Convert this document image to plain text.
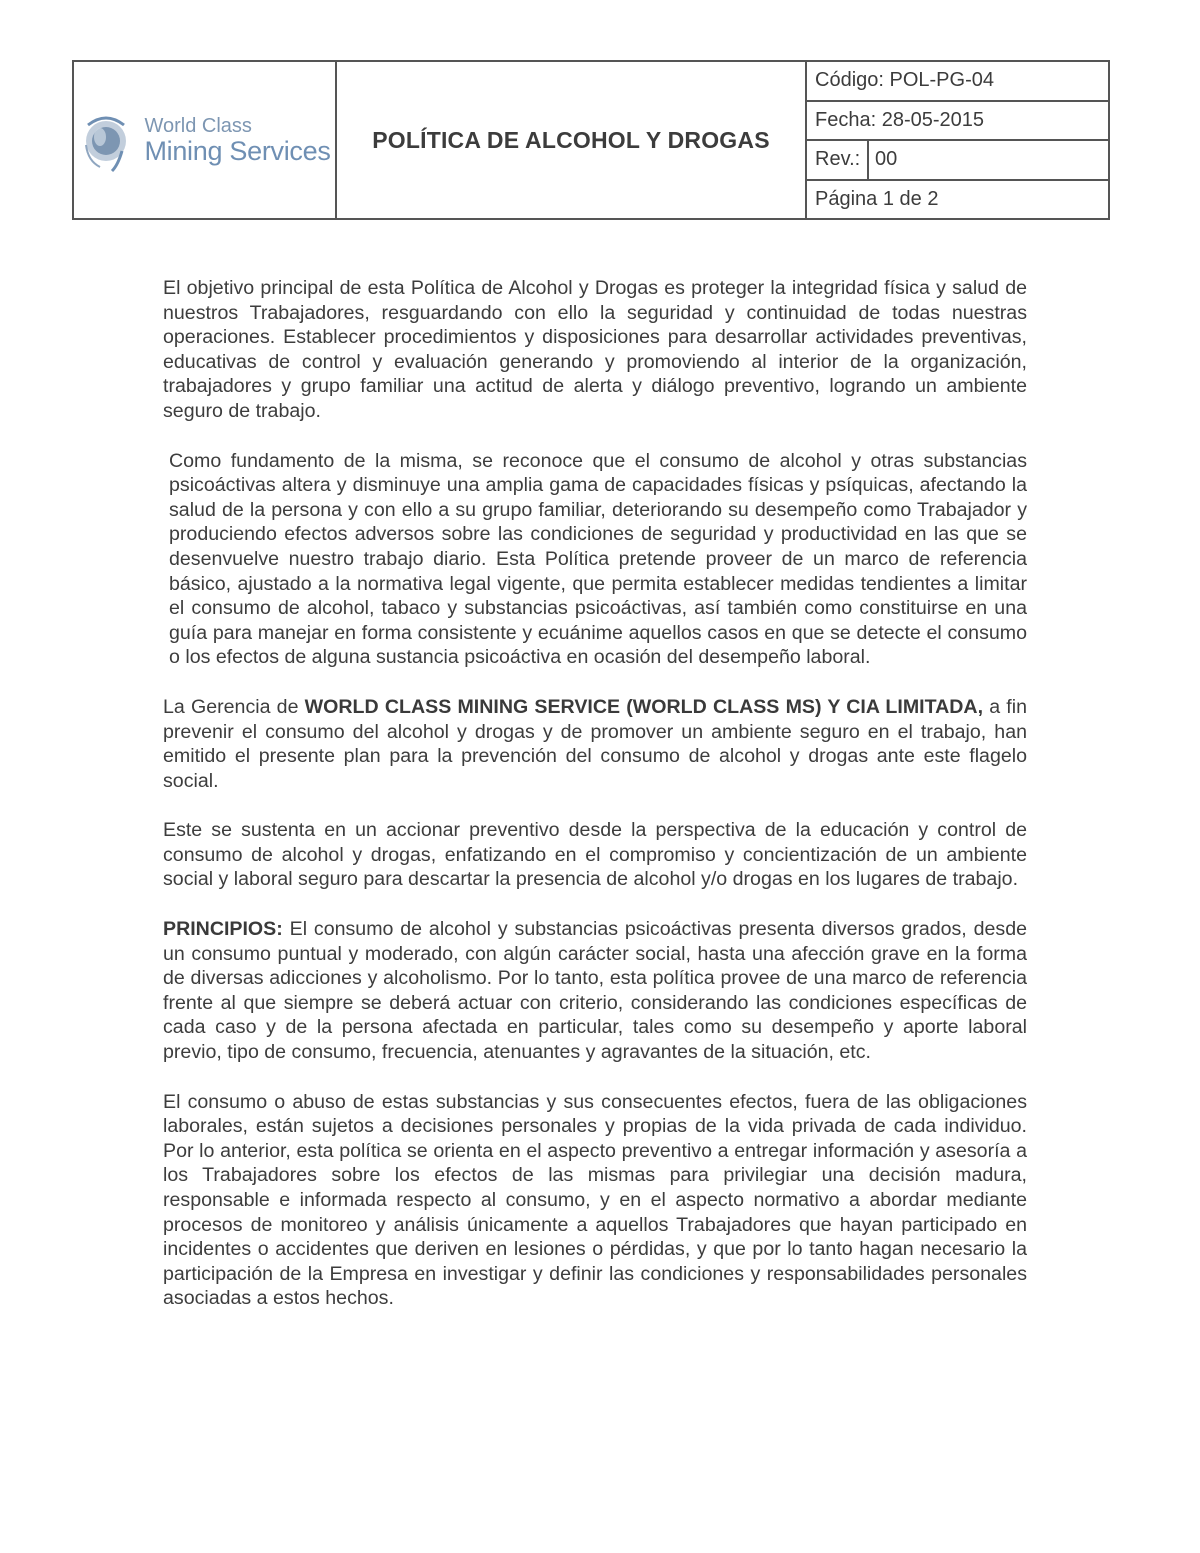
World Class
Mining Services POLÍTICA DE ALCOHOL Y DROGAS
Código: POL-PG-04
Fecha: 28-05-2015
Rev.: 00
Página 1 de 2

El objetivo principal de esta Política de Alcohol y Drogas es proteger la integridad física y salud de nuestros Trabajadores, resguardando con ello la seguridad y continuidad de todas nuestras operaciones. Establecer procedimientos y disposiciones para desarrollar actividades preventivas, educativas de control y evaluación generando y promoviendo al interior de la organización, trabajadores y grupo familiar una actitud de alerta y diálogo preventivo, logrando un ambiente seguro de trabajo.

Como fundamento de la misma, se reconoce que el consumo de alcohol y otras substancias psicoáctivas altera y disminuye una amplia gama de capacidades físicas y psíquicas, afectando la salud de la persona y con ello a su grupo familiar, deteriorando su desempeño como Trabajador y produciendo efectos adversos sobre las condiciones de seguridad y productividad en las que se desenvuelve nuestro trabajo diario. Esta Política pretende proveer de un marco de referencia básico, ajustado a la normativa legal vigente, que permita establecer medidas tendientes a limitar el consumo de alcohol, tabaco y substancias psicoáctivas, así también como constituirse en una guía para manejar en forma consistente y ecuánime aquellos casos en que se detecte el consumo o los efectos de alguna sustancia psicoáctiva en ocasión del desempeño laboral.

La Gerencia de WORLD CLASS MINING SERVICE (WORLD CLASS MS) Y CIA LIMITADA, a fin prevenir el consumo del alcohol y drogas y de promover un ambiente seguro en el trabajo, han emitido el presente plan para la prevención del consumo de alcohol y drogas ante este flagelo social.

Este se sustenta en un accionar preventivo desde la perspectiva de la educación y control de consumo de alcohol y drogas, enfatizando en el compromiso y concientización de un ambiente social y laboral seguro para descartar la presencia de alcohol y/o drogas en los lugares de trabajo.

PRINCIPIOS: El consumo de alcohol y substancias psicoáctivas presenta diversos grados, desde un consumo puntual y moderado, con algún carácter social, hasta una afección grave en la forma de diversas adicciones y alcoholismo. Por lo tanto, esta política provee de una marco de referencia frente al que siempre se deberá actuar con criterio, considerando las condiciones específicas de cada caso y de la persona afectada en particular, tales como su desempeño y aporte laboral previo, tipo de consumo, frecuencia, atenuantes y agravantes de la situación, etc.

El consumo o abuso de estas substancias y sus consecuentes efectos, fuera de las obligaciones laborales, están sujetos a decisiones personales y propias de la vida privada de cada individuo. Por lo anterior, esta política se orienta en el aspecto preventivo a entregar información y asesoría a los Trabajadores sobre los efectos de las mismas para privilegiar una decisión madura, responsable e informada respecto al consumo, y en el aspecto normativo a abordar mediante procesos de monitoreo y análisis únicamente a aquellos Trabajadores que hayan participado en incidentes o accidentes que deriven en lesiones o pérdidas, y que por lo tanto hagan necesario la participación de la Empresa en investigar y definir las condiciones y responsabilidades personales asociadas a estos hechos.
